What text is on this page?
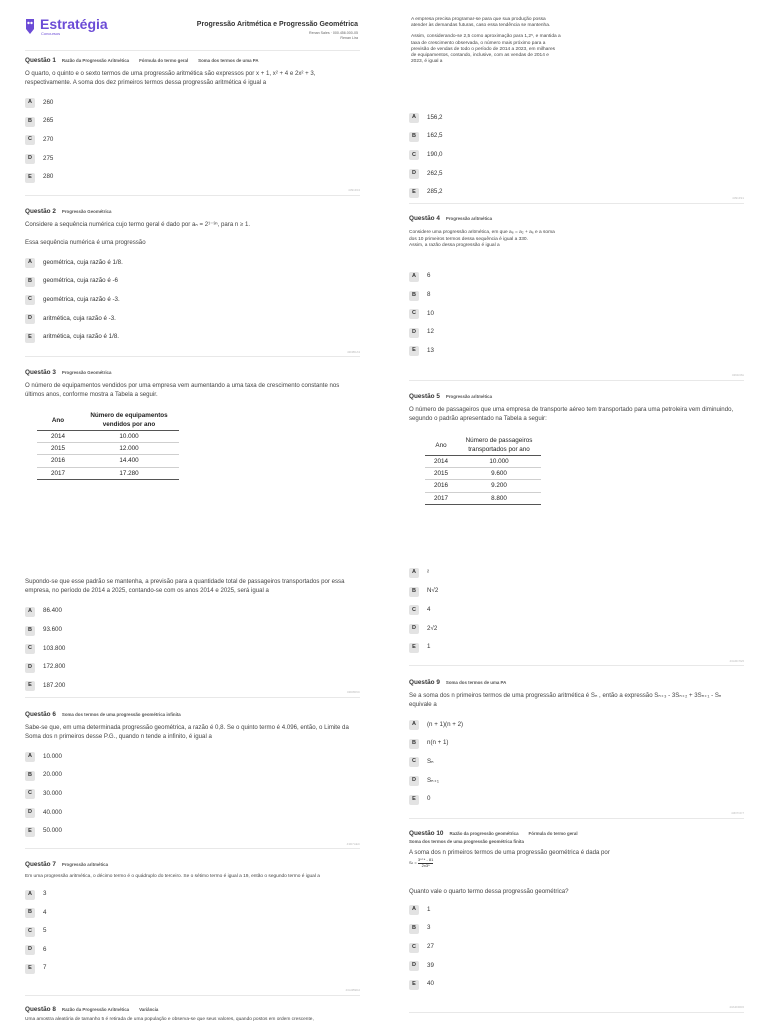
Estratégia
Concursos
Progressão Aritmética e Progressão Geométrica
Renan Sales · 000.456.000-05
Renan Lira
Questão 1 Razão da Progressão Aritmética Fórmula do termo geral Soma dos termos de uma PA
O quarto, o quinto e o sexto termos de uma progressão aritmética são expressos por x + 1, x² + 4 e 2x² + 3, respectivamente. A soma dos dez primeiros termos dessa progressão aritmética é igual a
A	260
B	265
C	270
D	275
E	280
4391F04
Questão 2 Progressão Geométrica
Considere a sequência numérica cujo termo geral é dado por aₙ = 2¹⁻³ⁿ, para n ≥ 1.
Essa sequência numérica é uma progressão
A	geométrica, cuja razão é 1/8.
B	geométrica, cuja razão é -6
C	geométrica, cuja razão é -3.
D	aritmética, cuja razão é -3.
E	aritmética, cuja razão é 1/8.
43D8DA3
Questão 3 Progressão Geométrica
O número de equipamentos vendidos por uma empresa vem aumentando a uma taxa de crescimento constante nos últimos anos, conforme mostra a Tabela a seguir.
Ano	Número de equipamentos vendidos por ano
2014	10.000
2015	12.000
2016	14.400
2017	17.280
Supondo-se que esse padrão se mantenha, a previsão para a quantidade total de passageiros transportados por essa empresa, no período de 2014 a 2025, contando-se com os anos 2014 e 2025, será igual a
A	86.400
B	93.600
C	103.800
D	172.800
E	187.200
43D8D9C
Questão 6 Soma dos termos de uma progressão geométrica infinita
Sabe-se que, em uma determinada progressão geométrica, a razão é 0,8. Se o quinto termo é 4.096, então, o Limite da Soma dos n primeiros desse P.G., quando n tende a infinito, é igual a
A	10.000
B	20.000
C	30.000
D	40.000
E	50.000
43D7AEC
Questão 7 Progressão aritmética
Em uma progressão aritmética, o décimo termo é o quádruplo do terceiro. Se o sétimo termo é igual a 19, então o segundo termo é igual a
A	3
B	4
C	5
D	6
E	7
43A4B9Dd
Questão 8 Razão da Progressão Aritmética Variância
Uma amostra aleatória de tamanho 5 é retirada de uma população e observa-se que seus valores, quando postos em ordem crescente,
A empresa precisa programar-se para que sua produção possa atender às demandas futuras, caso essa tendência se mantenha.
Assim, considerando-se 2,5 como aproximação para 1,2⁵, e mantida a taxa de crescimento observada, o número mais próximo para a previsão de vendas de todo o período de 2014 a 2023, em milhares de equipamentos, contando, inclusive, com as vendas de 2014 e 2023, é igual a
A	156,2
B	162,5
C	190,0
D	262,5
E	285,2
4391F91
Questão 4 Progressão aritmética
Considere uma progressão aritmética, em que a₈ = a₂ + a₆ e a soma dos 10 primeiros termos dessa sequência é igual a 330.
Assim, a razão dessa progressão é igual a
A	6
B	8
C	10
D	12
E	13
4391F8A
Questão 5 Progressão aritmética
O número de passageiros que uma empresa de transporte aéreo tem transportado para uma petroleira vem diminuindo, segundo o padrão apresentado na Tabela a seguir:
Ano	Número de passageiros transportados por ano
2014	10.000
2015	9.600
2016	9.200
2017	8.800
A	²
B	N√2
C	4
D	2√2
E	1
43A9C7E5
Questão 9 Soma dos termos de uma PA
Se a soma dos n primeiros termos de uma progressão aritmética é Sₙ , então a expressão Sₙ₊₃ - 3Sₙ₊₂ + 3Sₙ₊₁ - Sₙ equivale a
A	(n + 1)(n + 2)
B	n(n + 1)
C	Sₙ
D	Sₙ₊₁
E	0
43D7CF7
Questão 10 Razão da progressão geométrica Fórmula do termo geral
Soma dos termos de uma progressão geométrica finita
A soma dos n primeiros termos de uma progressão geométrica é dada por
$S_n = \frac{\text{3ⁿ⁺⁴ - 81}}{\text{2x3ⁿ}}$
Quanto vale o quarto termo dessa progressão geométrica?
A	1
B	3
C	27
D	39
E	40
43A3D0D6
